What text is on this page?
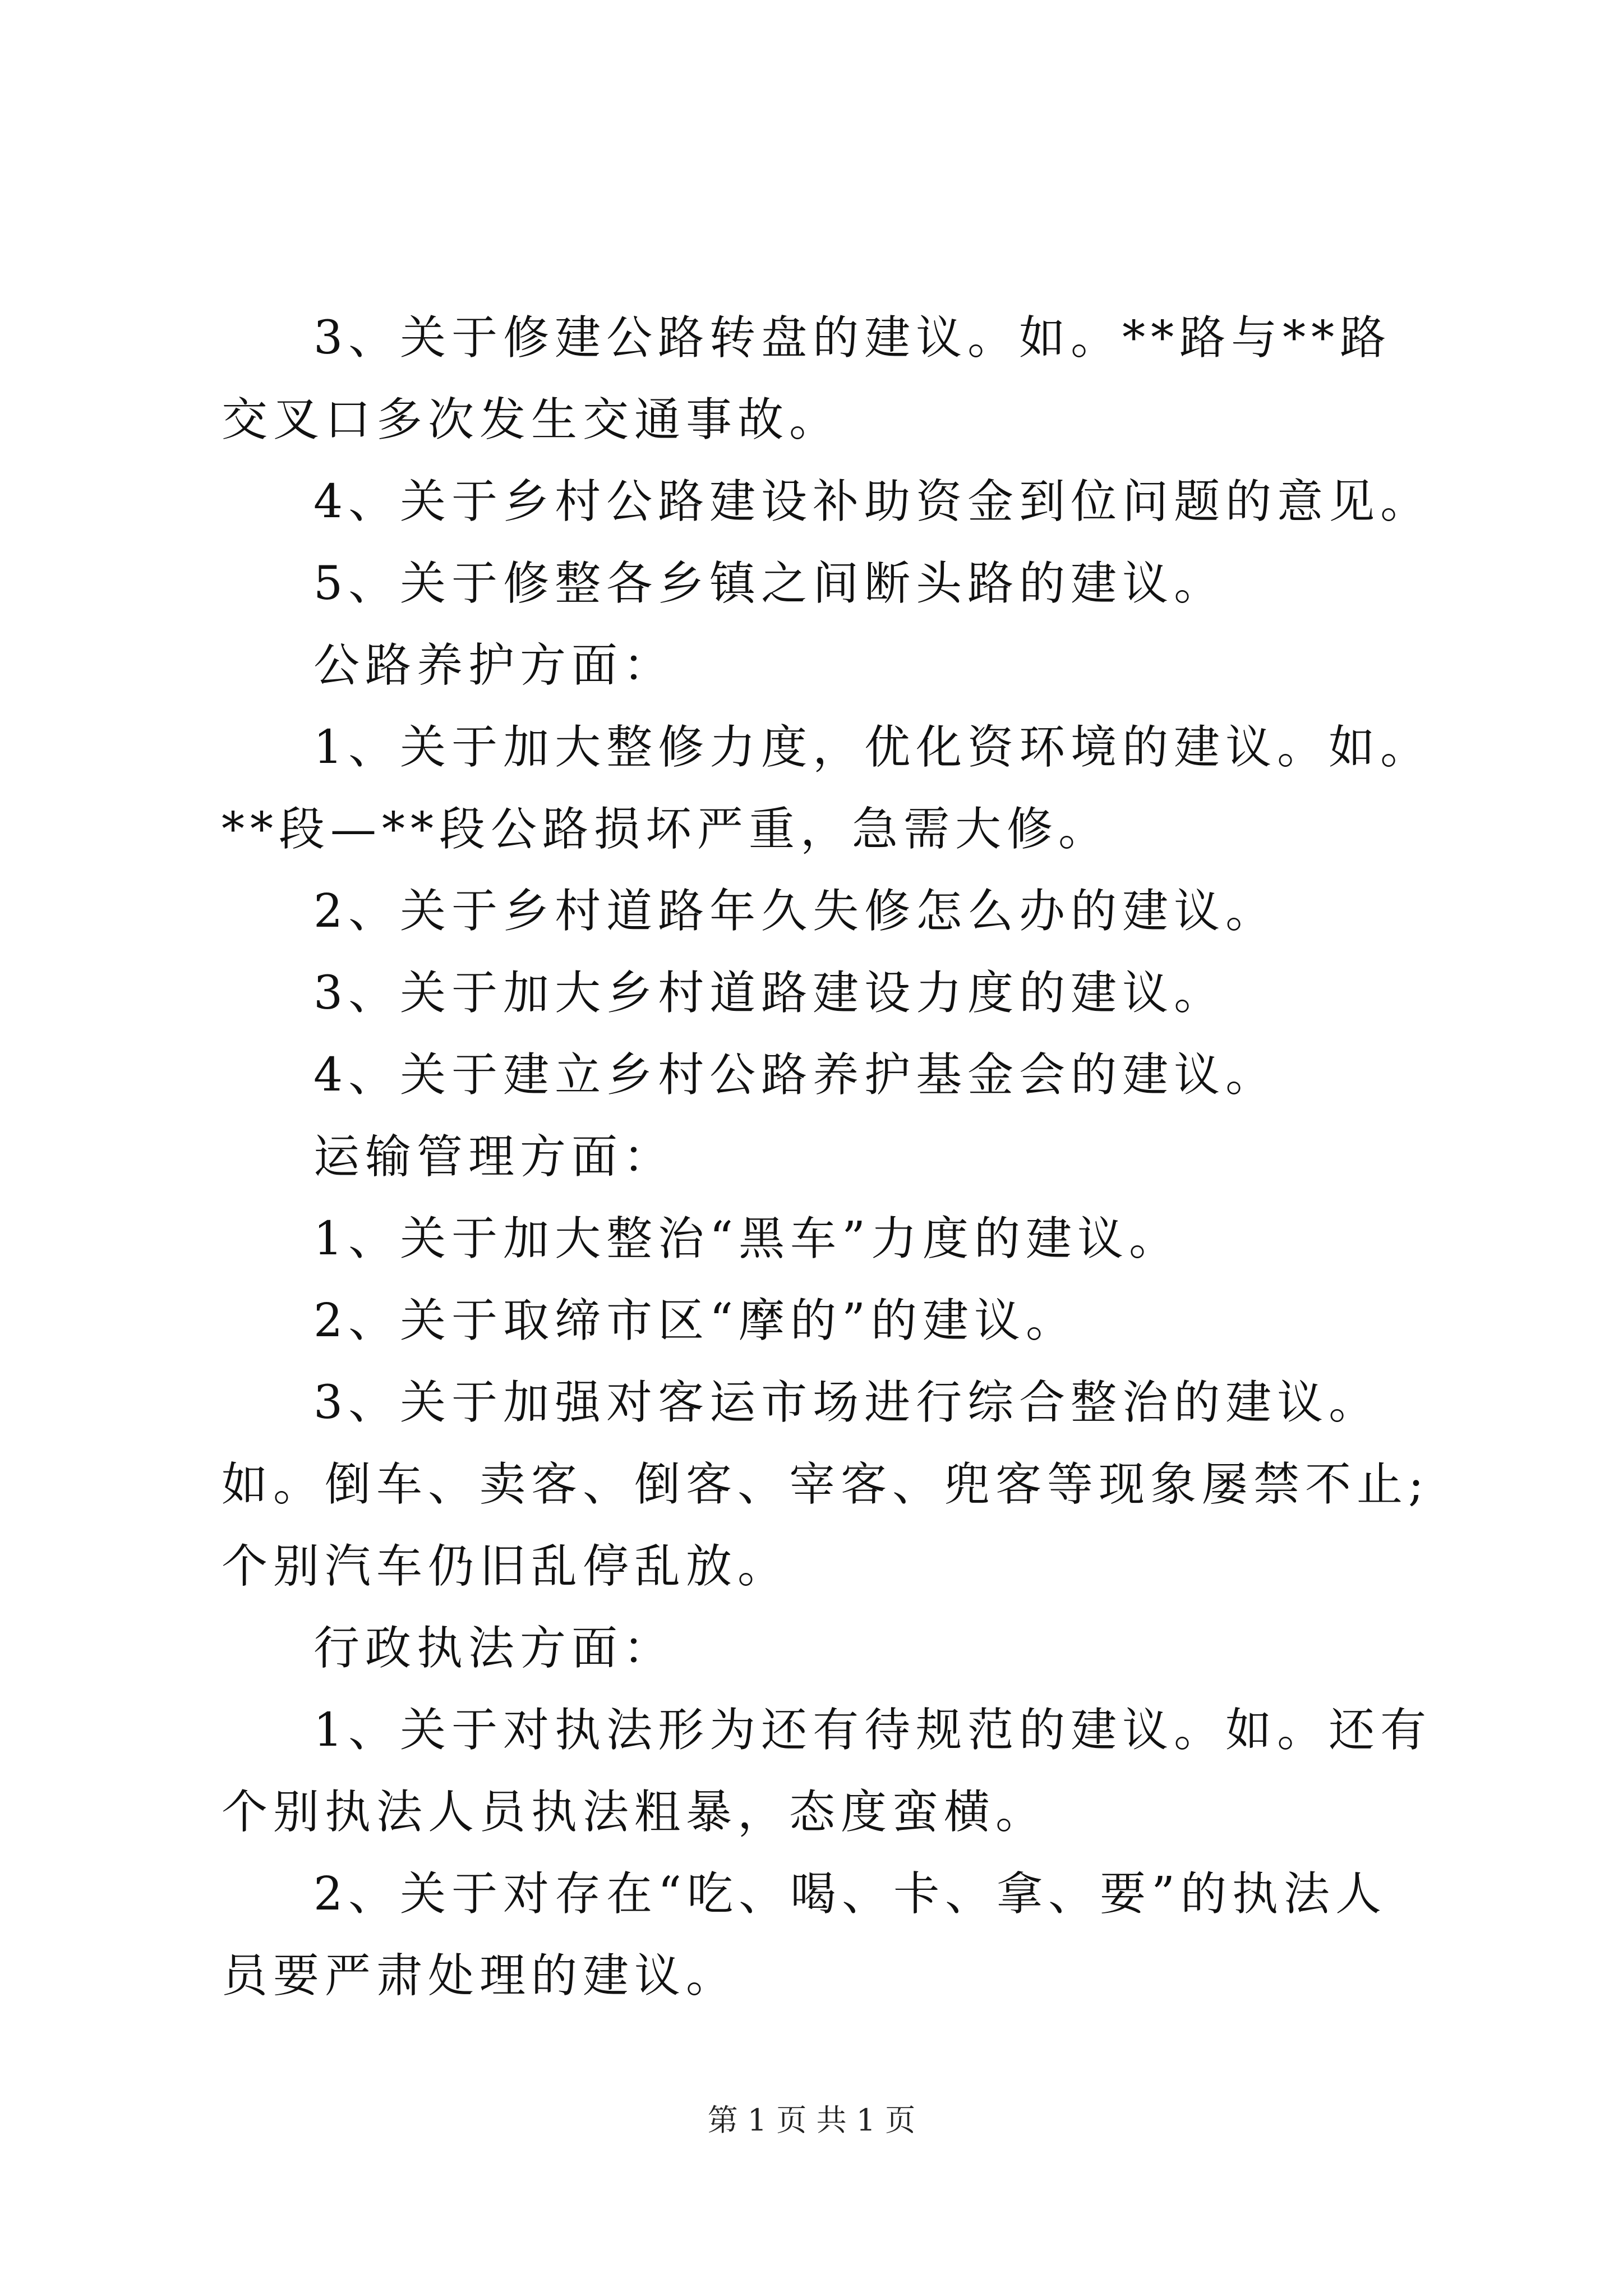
3、关于修建公路转盘的建议。如。**路与**路交叉口多次发生交通事故。

4、关于乡村公路建设补助资金到位问题的意见。

5、关于修整各乡镇之间断头路的建议。

公路养护方面：

1、关于加大整修力度，优化资环境的建议。如。**段—**段公路损坏严重，急需大修。

2、关于乡村道路年久失修怎么办的建议。

3、关于加大乡村道路建设力度的建议。

4、关于建立乡村公路养护基金会的建议。

运输管理方面：

1、关于加大整治“黑车”力度的建议。

2、关于取缔市区“摩的”的建议。

3、关于加强对客运市场进行综合整治的建议。如。倒车、卖客、倒客、宰客、兜客等现象屡禁不止;个别汽车仍旧乱停乱放。

行政执法方面：

1、关于对执法形为还有待规范的建议。如。还有个别执法人员执法粗暴，态度蛮横。

2、关于对存在“吃、喝、卡、拿、要”的执法人员要严肃处理的建议。

第 1 页 共 1 页
